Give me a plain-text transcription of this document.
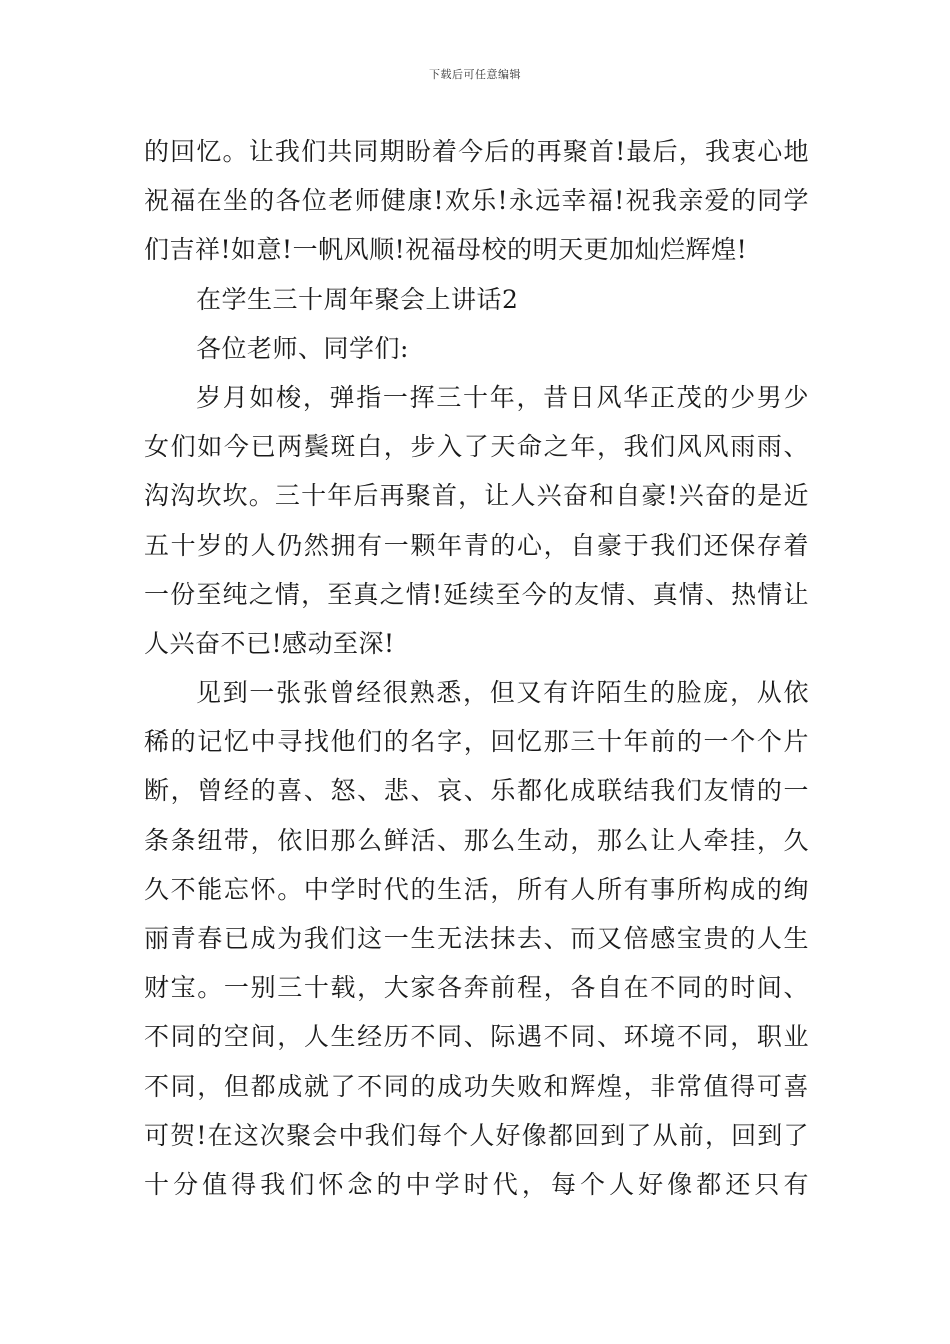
下载后可任意编辑
的回忆。让我们共同期盼着今后的再聚首!最后，我衷心地
祝福在坐的各位老师健康!欢乐!永远幸福!祝我亲爱的同学
们吉祥!如意!一帆风顺!祝福母校的明天更加灿烂辉煌!
在学生三十周年聚会上讲话2
各位老师、同学们:
岁月如梭，弹指一挥三十年，昔日风华正茂的少男少
女们如今已两鬓斑白，步入了天命之年，我们风风雨雨、
沟沟坎坎。三十年后再聚首，让人兴奋和自豪!兴奋的是近
五十岁的人仍然拥有一颗年青的心，自豪于我们还保存着
一份至纯之情，至真之情!延续至今的友情、真情、热情让
人兴奋不已!感动至深!
见到一张张曾经很熟悉，但又有许陌生的脸庞，从依
稀的记忆中寻找他们的名字，回忆那三十年前的一个个片
断，曾经的喜、怒、悲、哀、乐都化成联结我们友情的一
条条纽带，依旧那么鲜活、那么生动，那么让人牵挂，久
久不能忘怀。中学时代的生活，所有人所有事所构成的绚
丽青春已成为我们这一生无法抹去、而又倍感宝贵的人生
财宝。一别三十载，大家各奔前程，各自在不同的时间、
不同的空间，人生经历不同、际遇不同、环境不同，职业
不同，但都成就了不同的成功失败和辉煌，非常值得可喜
可贺!在这次聚会中我们每个人好像都回到了从前，回到了
十分值得我们怀念的中学时代，每个人好像都还只有
